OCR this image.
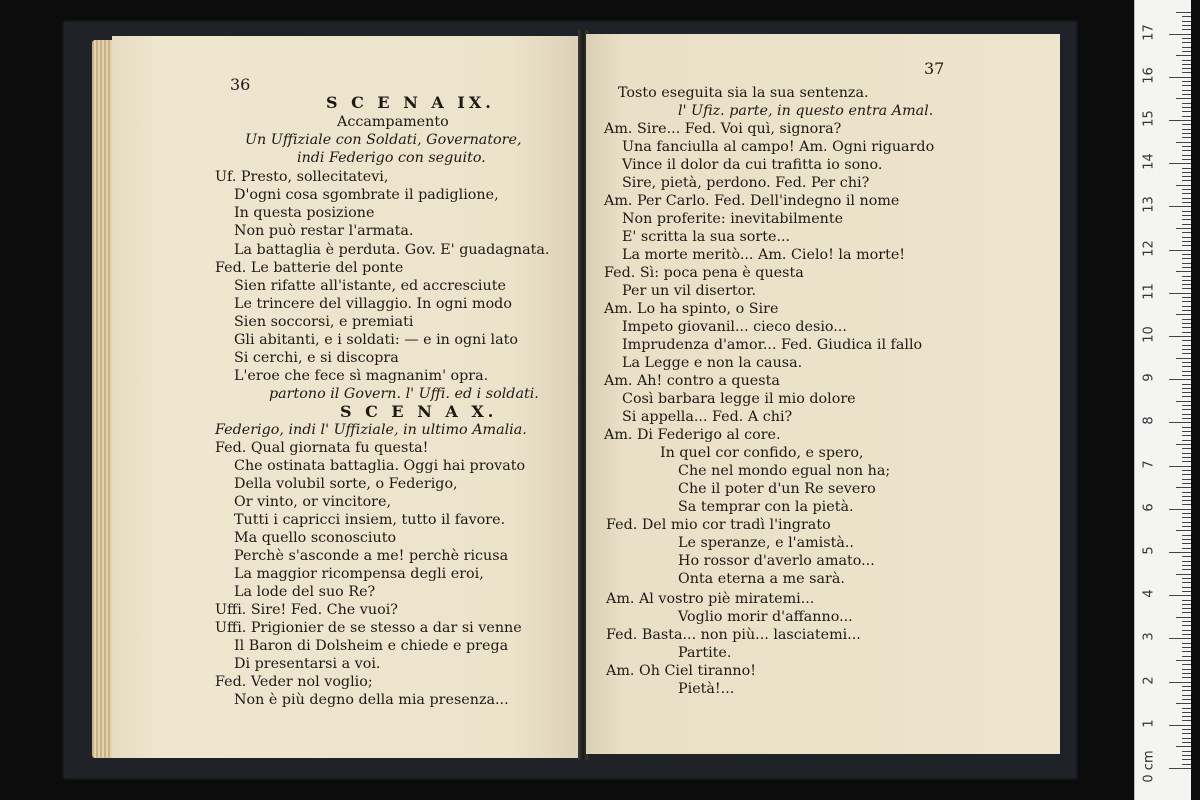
36
S C E N A IX.
Accampamento
Un Uffiziale con Soldati, Governatore,
indi Federigo con seguito.
Uf. Presto, sollecitatevi,
D'ogni cosa sgombrate il padiglione,
In questa posizione
Non può restar l'armata.
La battaglia è perduta. Gov. E' guadagnata.
Fed. Le batterie del ponte
Sien rifatte all'istante, ed accresciute
Le trincere del villaggio. In ogni modo
Sien soccorsi, e premiati
Gli abitanti, e i soldati: — e in ogni lato
Si cerchi, e si discopra
L'eroe che fece sì magnanim' opra.
partono il Govern. l' Uffi. ed i soldati.
S C E N A X.
Federigo, indi l' Uffiziale, in ultimo Amalia.
Fed. Qual giornata fu questa!
Che ostinata battaglia. Oggi hai provato
Della volubil sorte, o Federigo,
Or vinto, or vincitore,
Tutti i capricci insiem, tutto il favore.
Ma quello sconosciuto
Perchè s'asconde a me! perchè ricusa
La maggior ricompensa degli eroi,
La lode del suo Re?
Uffi. Sire! Fed. Che vuoi?
Uffi. Prigionier de se stesso a dar si venne
Il Baron di Dolsheim e chiede e prega
Di presentarsi a voi.
Fed. Veder nol voglio;
Non è più degno della mia presenza...
37
Tosto eseguita sia la sua sentenza.
l' Ufiz. parte, in questo entra Amal.
Am. Sire... Fed. Voi quì, signora?
Una fanciulla al campo! Am. Ogni riguardo
Vince il dolor da cui trafitta io sono.
Sire, pietà, perdono. Fed. Per chi?
Am. Per Carlo. Fed. Dell'indegno il nome
Non proferite: inevitabilmente
E' scritta la sua sorte...
La morte meritò... Am. Cielo! la morte!
Fed. Sì: poca pena è questa
Per un vil disertor.
Am. Lo ha spinto, o Sire
Impeto giovanil... cieco desio...
Imprudenza d'amor... Fed. Giudica il fallo
La Legge e non la causa.
Am. Ah! contro a questa
Così barbara legge il mio dolore
Si appella... Fed. A chi?
Am. Di Federigo al core.
In quel cor confido, e spero,
Che nel mondo egual non ha;
Che il poter d'un Re severo
Sa temprar con la pietà.
Fed. Del mio cor tradì l'ingrato
Le speranze, e l'amistà..
Ho rossor d'averlo amato...
Onta eterna a me sarà.
Am. Al vostro piè miratemi...
Voglio morir d'affanno...
Fed. Basta... non più... lasciatemi...
Partite.
Am. Oh Ciel tiranno!
Pietà!...
0 cm
1
2
3
4
5
6
7
8
9
10
11
12
13
14
15
16
17
